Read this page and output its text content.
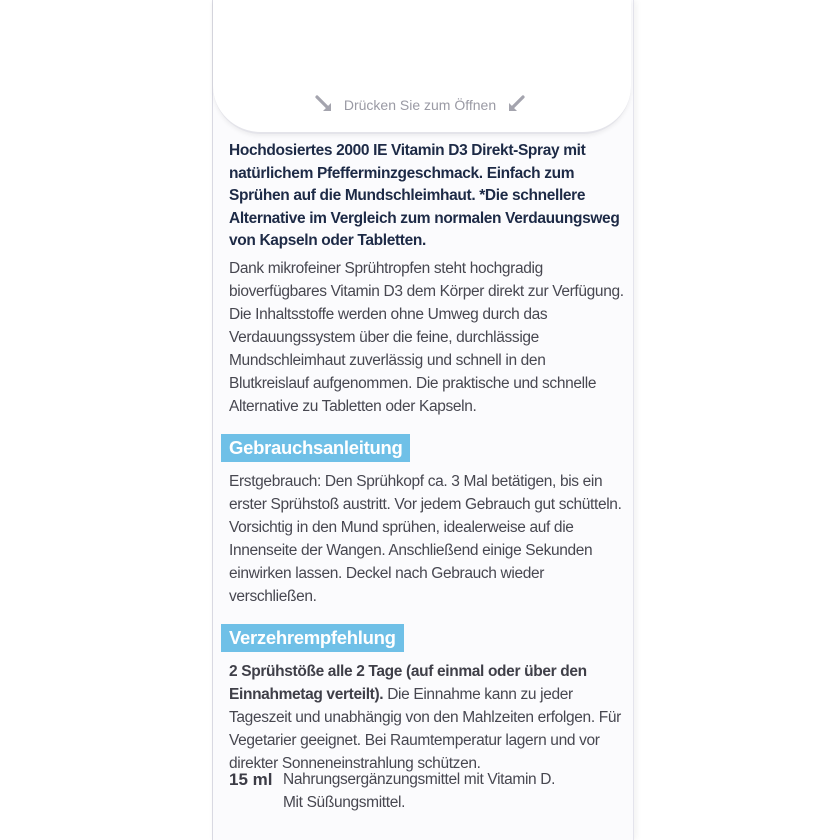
Drücken Sie zum Öffnen

Hochdosiertes 2000 IE Vitamin D3 Direkt-Spray mit natürlichem Pfefferminzgeschmack. Einfach zum Sprühen auf die Mundschleimhaut. *Die schnellere Alternative im Vergleich zum normalen Verdauungsweg von Kapseln oder Tabletten.

Dank mikrofeiner Sprühtropfen steht hochgradig bioverfügbares Vitamin D3 dem Körper direkt zur Verfügung. Die Inhaltsstoffe werden ohne Umweg durch das Verdauungssystem über die feine, durchlässige Mundschleimhaut zuverlässig und schnell in den Blutkreislauf aufgenommen. Die praktische und schnelle Alternative zu Tabletten oder Kapseln.

Gebrauchsanleitung

Erstgebrauch: Den Sprühkopf ca. 3 Mal betätigen, bis ein erster Sprühstoß austritt. Vor jedem Gebrauch gut schütteln. Vorsichtig in den Mund sprühen, idealerweise auf die Innenseite der Wangen. Anschließend einige Sekunden einwirken lassen. Deckel nach Gebrauch wieder verschließen.

Verzehrempfehlung

2 Sprühstöße alle 2 Tage (auf einmal oder über den Einnahmetag verteilt). Die Einnahme kann zu jeder Tageszeit und unabhängig von den Mahlzeiten erfolgen. Für Vegetarier geeignet. Bei Raumtemperatur lagern und vor direkter Sonneneinstrahlung schützen.

15 ml Nahrungsergänzungsmittel mit Vitamin D.
Mit Süßungsmittel.
